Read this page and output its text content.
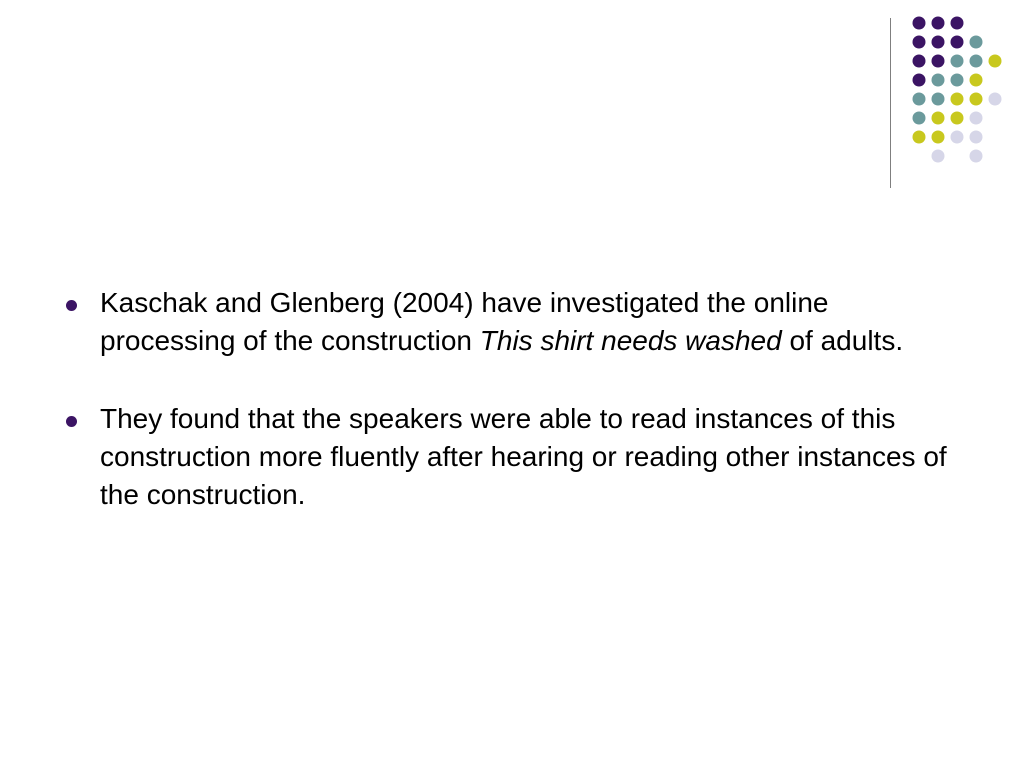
Kaschak and Glenberg (2004) have investigated the online processing of the construction This shirt needs washed of adults.
They found that the speakers were able to read instances of this construction more fluently after hearing or reading other instances of the construction.
